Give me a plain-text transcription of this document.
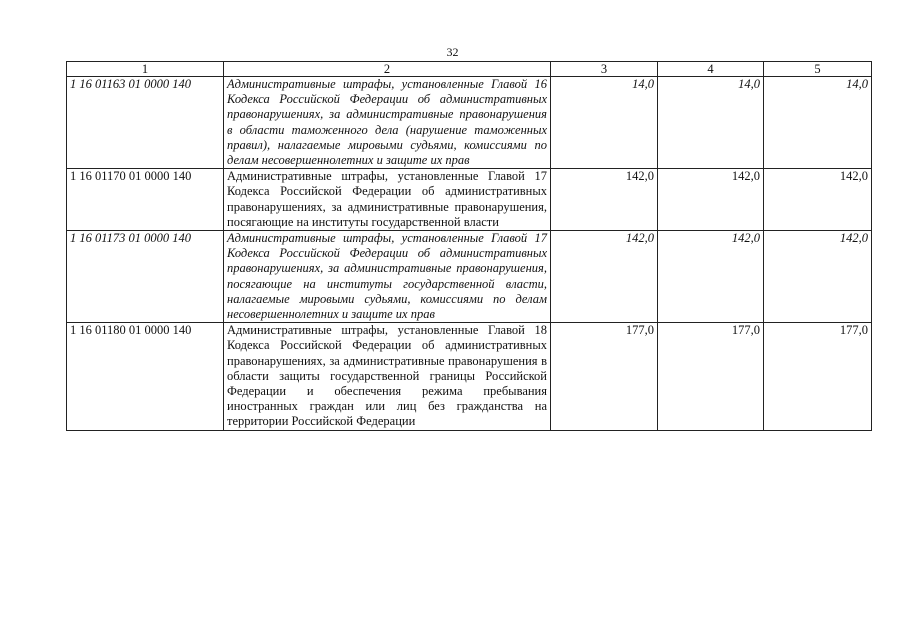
32
1	2	3	4	5
1 16 01163 01 0000 140	Административные штрафы, установленные Главой 16 Кодекса Российской Федерации об административных правонарушениях, за административные правонарушения в области таможенного дела (нарушение таможенных правил), налагаемые мировыми судьями, комиссиями по делам несовершеннолетних и защите их прав	14,0	14,0	14,0
1 16 01170 01 0000 140	Административные штрафы, установленные Главой 17 Кодекса Российской Федерации об административных правонарушениях, за административные правонарушения, посягающие на институты государственной власти	142,0	142,0	142,0
1 16 01173 01 0000 140	Административные штрафы, установленные Главой 17 Кодекса Российской Федерации об административных правонарушениях, за административные правонарушения, посягающие на институты государственной власти, налагаемые мировыми судьями, комиссиями по делам несовершеннолетних и защите их прав	142,0	142,0	142,0
1 16 01180 01 0000 140	Административные штрафы, установленные Главой 18 Кодекса Российской Федерации об административных правонарушениях, за административные правонарушения в области защиты государственной границы Российской Федерации и обеспечения режима пребывания иностранных граждан или лиц без гражданства на территории Российской Федерации	177,0	177,0	177,0
